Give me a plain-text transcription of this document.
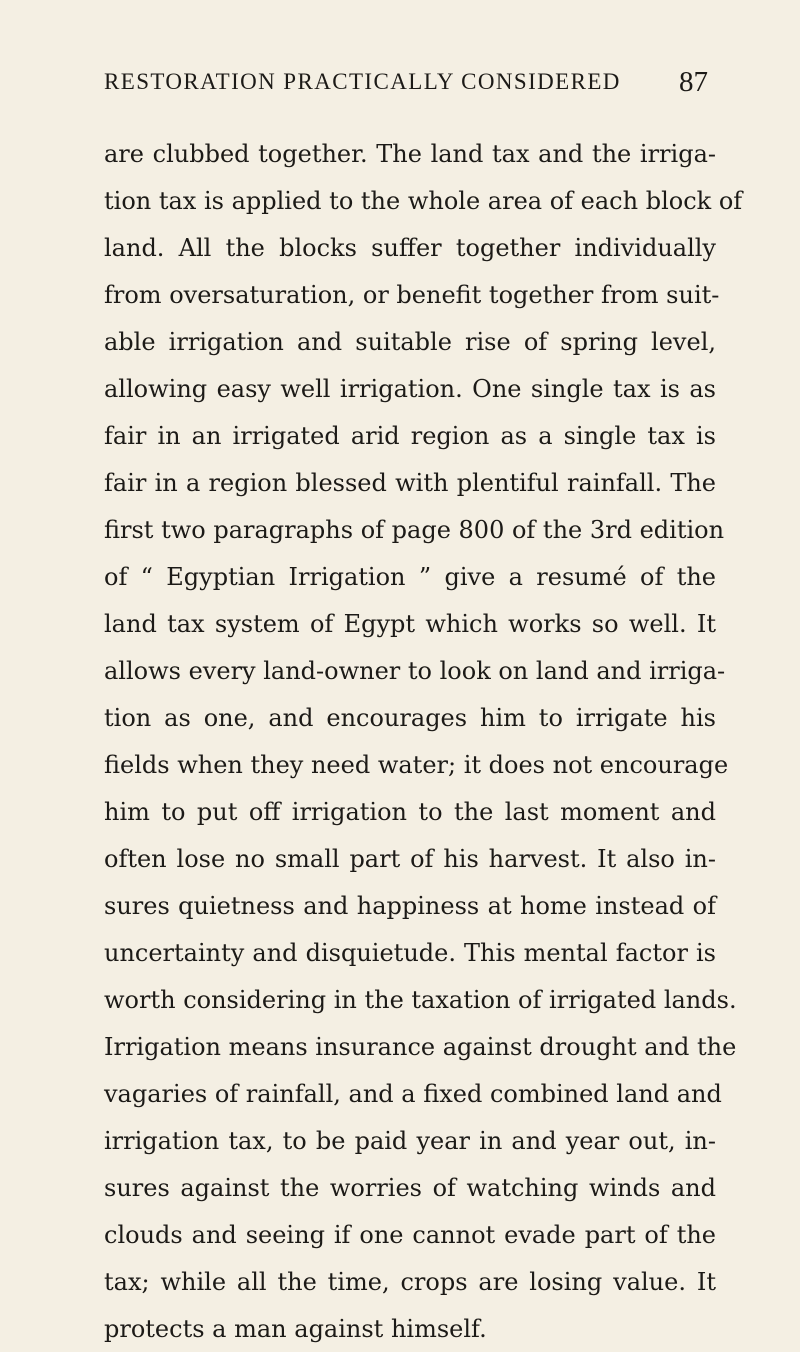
RESTORATION PRACTICALLY CONSIDERED 87
are clubbed together. The land tax and the irriga-
tion tax is applied to the whole area of each block of
land. All the blocks suffer together individually
from oversaturation, or benefit together from suit-
able irrigation and suitable rise of spring level,
allowing easy well irrigation. One single tax is as
fair in an irrigated arid region as a single tax is
fair in a region blessed with plentiful rainfall. The
first two paragraphs of page 800 of the 3rd edition
of “ Egyptian Irrigation ” give a resumé of the
land tax system of Egypt which works so well. It
allows every land-owner to look on land and irriga-
tion as one, and encourages him to irrigate his
fields when they need water; it does not encourage
him to put off irrigation to the last moment and
often lose no small part of his harvest. It also in-
sures quietness and happiness at home instead of
uncertainty and disquietude. This mental factor is
worth considering in the taxation of irrigated lands.
Irrigation means insurance against drought and the
vagaries of rainfall, and a fixed combined land and
irrigation tax, to be paid year in and year out, in-
sures against the worries of watching winds and
clouds and seeing if one cannot evade part of the
tax; while all the time, crops are losing value. It
protects a man against himself.
